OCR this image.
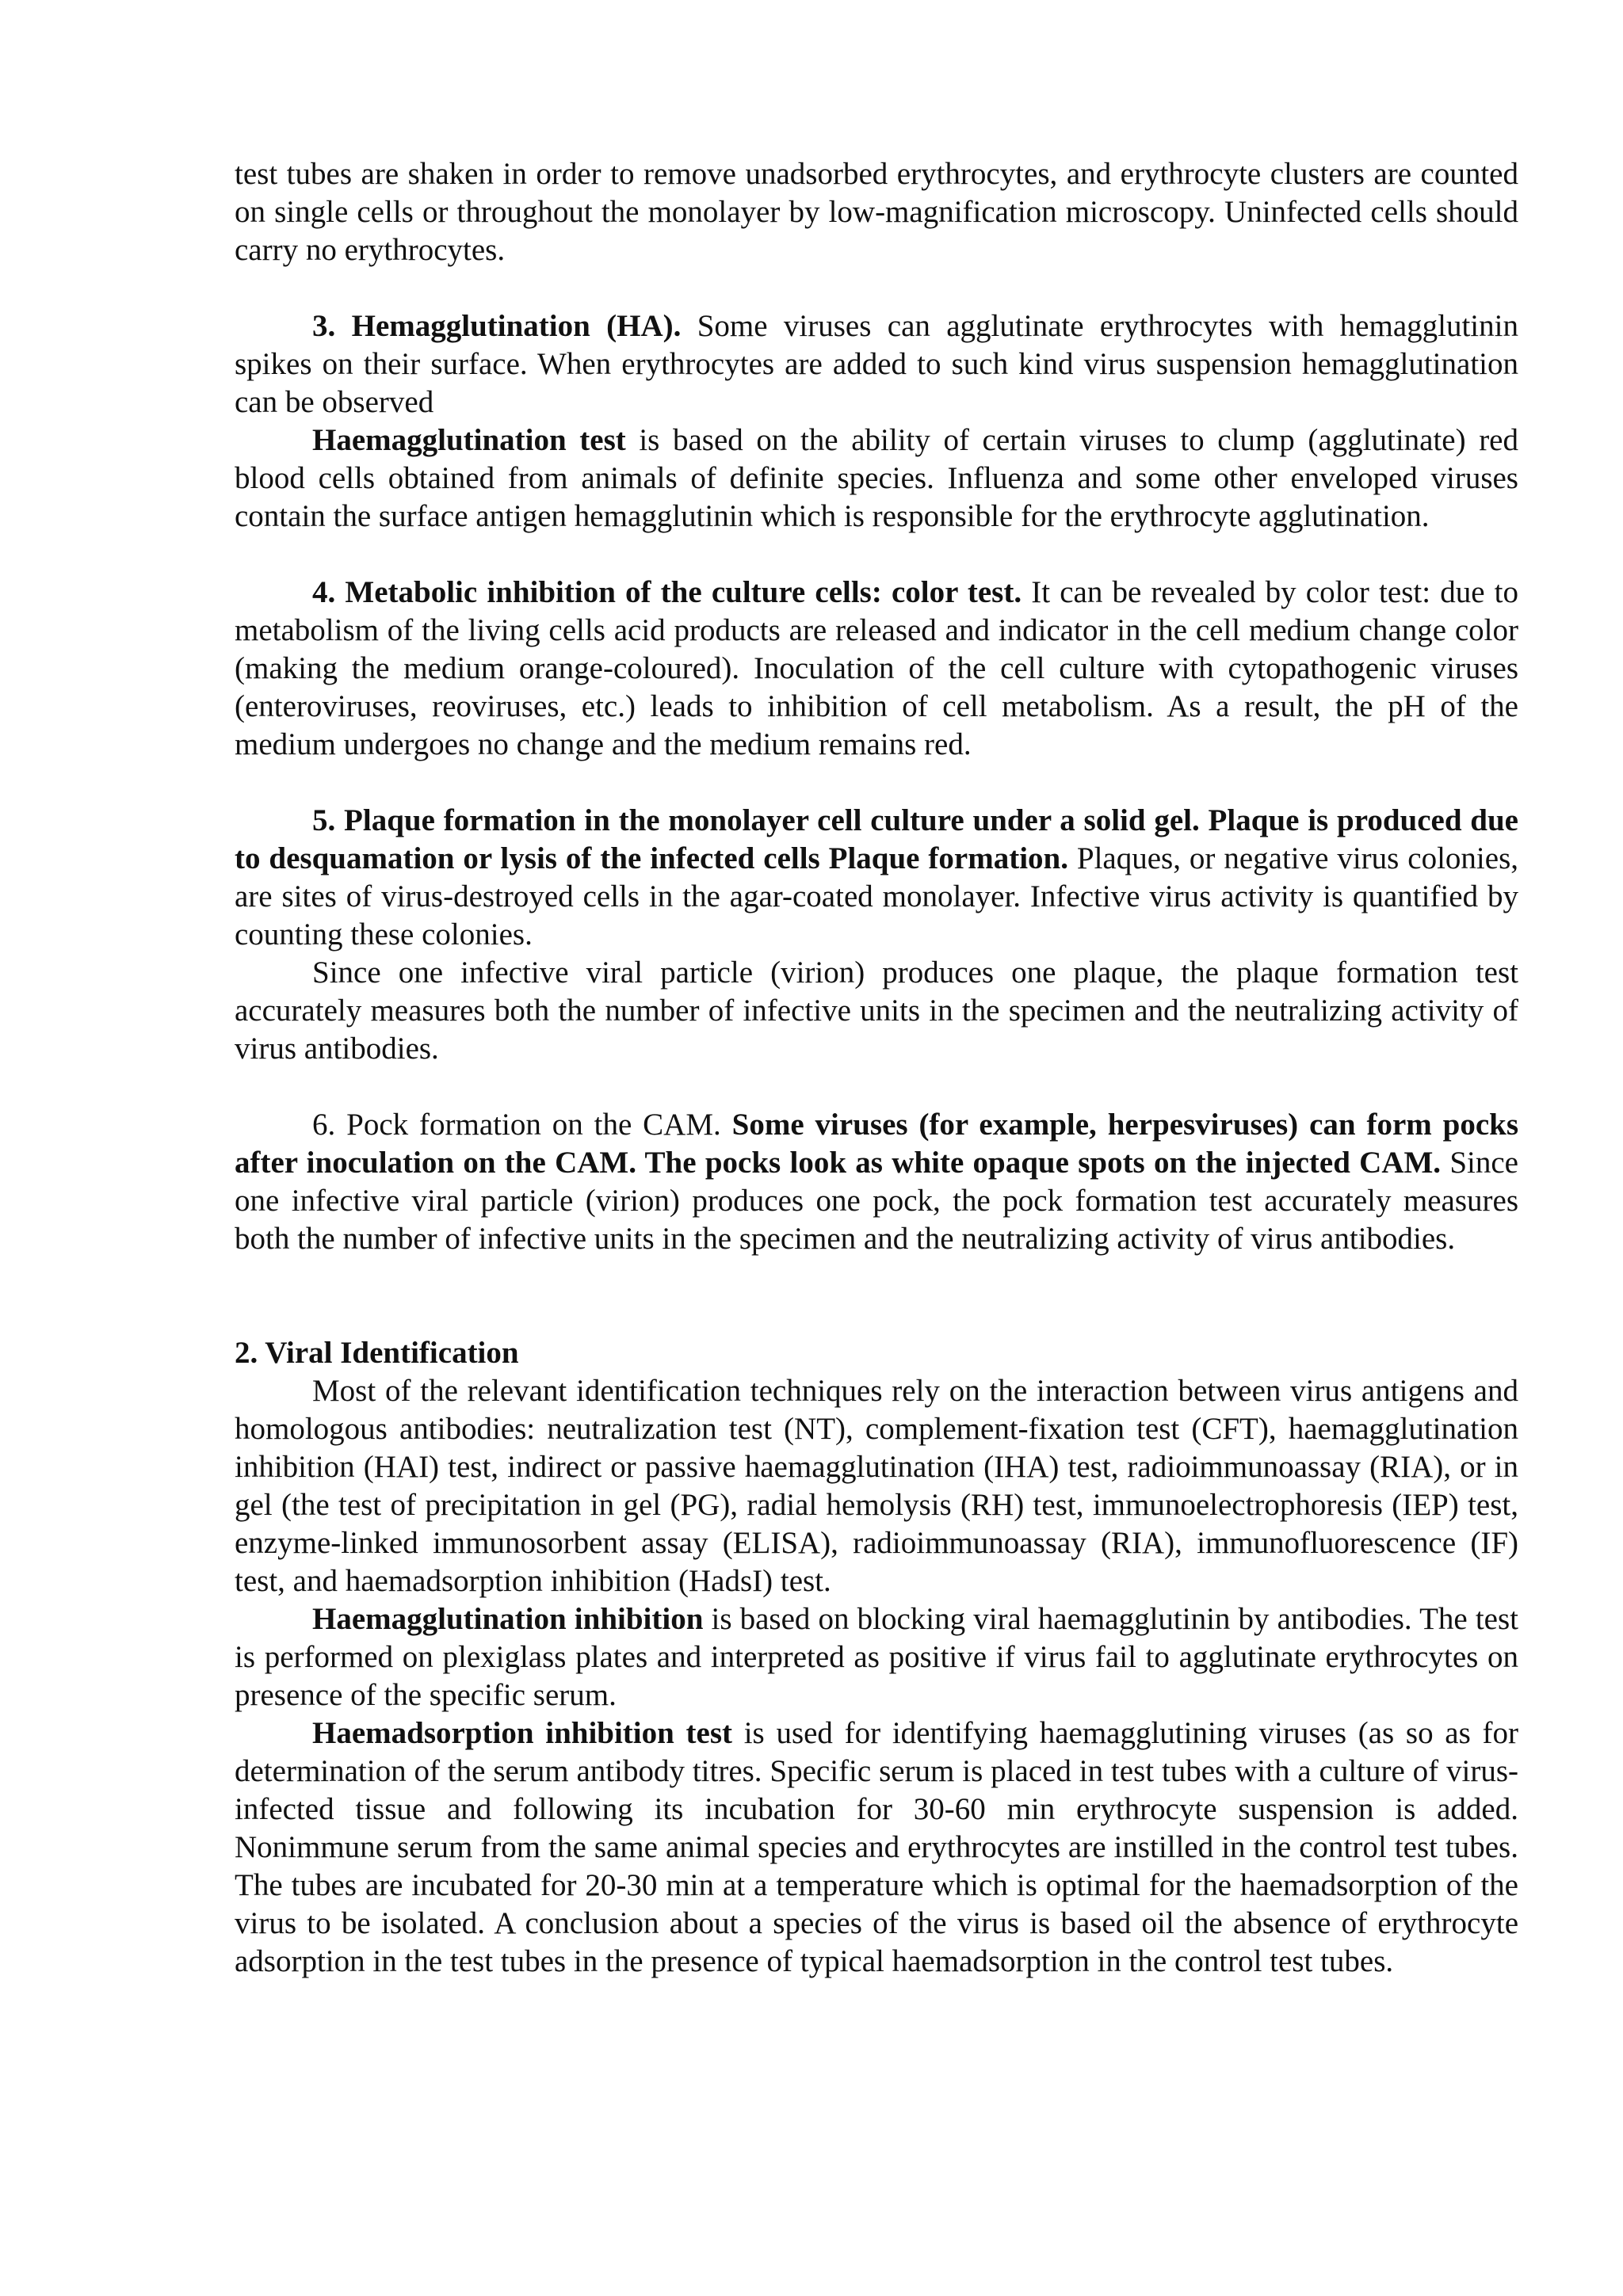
test tubes are shaken in order to remove unadsorbed erythrocytes, and erythrocyte clusters are counted on single cells or throughout the monolayer by low-magnification microscopy. Uninfected cells should carry no erythrocytes.

3. Hemagglutination (HA). Some viruses can agglutinate erythrocytes with hemagglutinin spikes on their surface. When erythrocytes are added to such kind virus suspension hemagglutination can be observed

Haemagglutination test is based on the ability of certain viruses to clump (agglutinate) red blood cells obtained from animals of definite species. Influenza and some other enveloped viruses contain the surface antigen hemagglutinin which is responsible for the erythrocyte agglutination.

4. Metabolic inhibition of the culture cells: color test. It can be revealed by color test: due to metabolism of the living cells acid products are released and indicator in the cell medium change color (making the medium orange-coloured). Inoculation of the cell culture with cytopathogenic viruses (enteroviruses, reoviruses, etc.) leads to inhibition of cell metabolism. As a result, the pH of the medium undergoes no change and the medium remains red.

5. Plaque formation in the monolayer cell culture under a solid gel. Plaque is produced due to desquamation or lysis of the infected cells Plaque formation. Plaques, or negative virus colonies, are sites of virus-destroyed cells in the agar-coated monolayer. Infective virus activity is quantified by counting these colonies.

Since one infective viral particle (virion) produces one plaque, the plaque formation test accurately measures both the number of infective units in the specimen and the neutralizing activity of virus antibodies.

6. Pock formation on the CAM. Some viruses (for example, herpesviruses) can form pocks after inoculation on the CAM. The pocks look as white opaque spots on the injected CAM. Since one infective viral particle (virion) produces one pock, the pock formation test accurately measures both the number of infective units in the specimen and the neutralizing activity of virus antibodies.

2. Viral Identification

Most of the relevant identification techniques rely on the interaction between virus antigens and homologous antibodies: neutralization test (NT), complement-fixation test (CFT), haemagglutination inhibition (HAI) test, indirect or passive haemagglutination (IHA) test, radioimmunoassay (RIA), or in gel (the test of precipitation in gel (PG), radial hemolysis (RH) test, immunoelectrophoresis (IEP) test, enzyme-linked immunosorbent assay (ELISA), radioimmunoassay (RIA), immunofluorescence (IF) test, and haemadsorption inhibition (HadsI) test.

Haemagglutination inhibition is based on blocking viral haemagglutinin by antibodies. The test is performed on plexiglass plates and interpreted as positive if virus fail to agglutinate erythrocytes on presence of the specific serum.

Haemadsorption inhibition test is used for identifying haemagglutining viruses (as so as for determination of the serum antibody titres. Specific serum is placed in test tubes with a culture of virus-infected tissue and following its incubation for 30-60 min erythrocyte suspension is added. Nonimmune serum from the same animal species and erythrocytes are instilled in the control test tubes. The tubes are incubated for 20-30 min at a temperature which is optimal for the haemadsorption of the virus to be isolated. A conclusion about a species of the virus is based oil the absence of erythrocyte adsorption in the test tubes in the presence of typical haemadsorption in the control test tubes.
